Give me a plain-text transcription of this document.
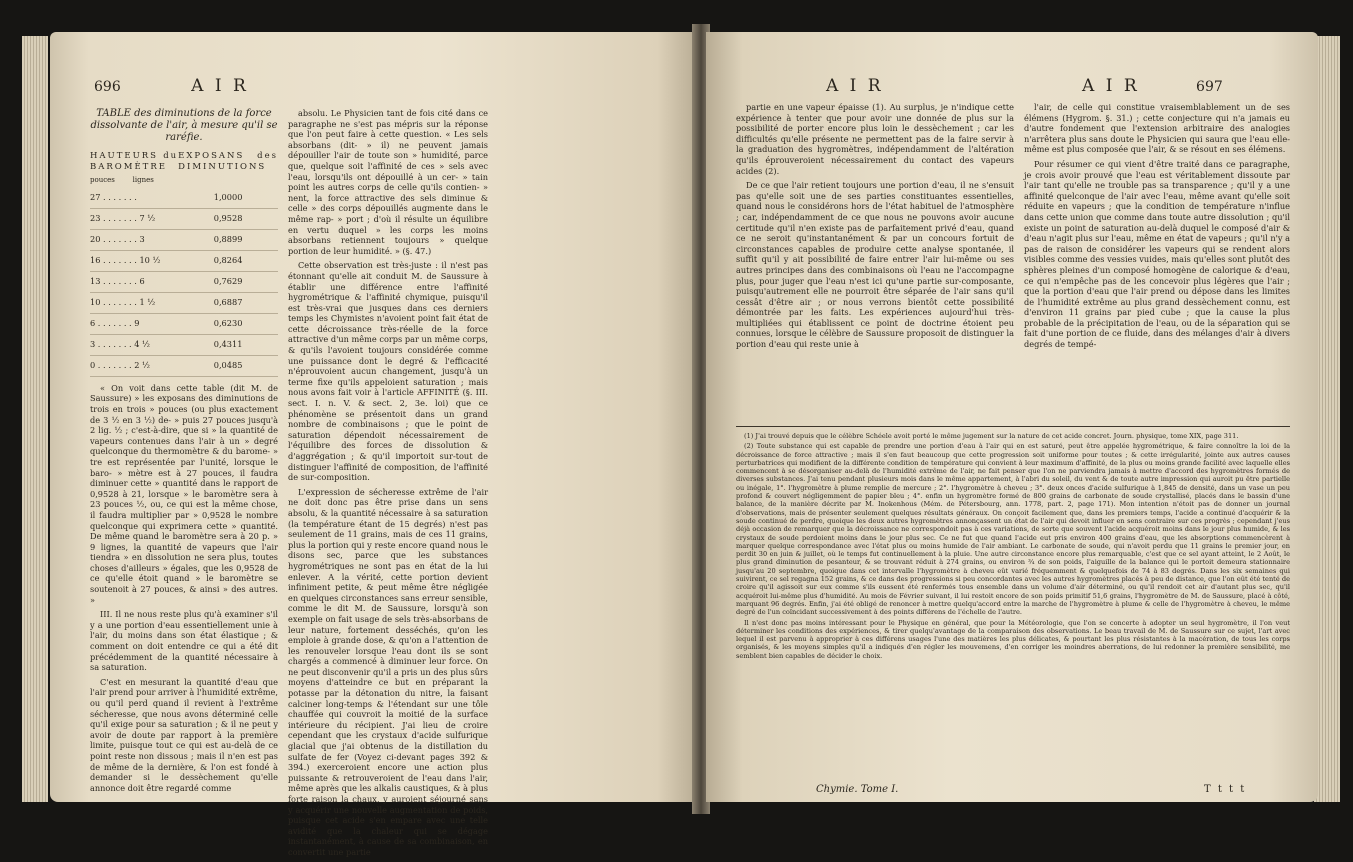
696	A I R
TABLE des diminutions de la force dissolvante de l'air, à mesure qu'il se raréfie.
HAUTEURS du BAROMÈTRE	EXPOSANS des DIMINUTIONS
pouces lignes	
27 . . . . . . .	1,0000
23 . . . . . . . 7 ½	0,9528
20 . . . . . . . 3	0,8899
16 . . . . . . . 10 ½	0,8264
13 . . . . . . . 6	0,7629
10 . . . . . . . 1 ½	0,6887
6 . . . . . . . 9	0,6230
3 . . . . . . . 4 ½	0,4311
0 . . . . . . . 2 ½	0,0485

« On voit dans cette table (dit M. de Saussure) » les exposans des diminutions de trois en trois » pouces (ou plus exactement de 3 ½ en 3 ½) de- » puis 27 pouces jusqu'à 2 lig. ½ ; c'est-à-dire, que si » la quantité de vapeurs contenues dans l'air à un » degré quelconque du thermomètre & du barome- » tre est représentée par l'unité, lorsque le baro- » mètre est à 27 pouces, il faudra diminuer cette » quantité dans le rapport de 0,9528 à 21, lorsque » le baromètre sera à 23 pouces ½, ou, ce qui est la même chose, il faudra multiplier par » 0,9528 le nombre quelconque qui exprimera cette » quantité. De même quand le baromètre sera à 20 p. » 9 lignes, la quantité de vapeurs que l'air tiendra » en dissolution ne sera plus, toutes choses d'ailleurs » égales, que les 0,9528 de ce qu'elle étoit quand » le baromètre se soutenoit à 27 pouces, & ainsi » des autres. »

III. Il ne nous reste plus qu'à examiner s'il y a une portion d'eau essentiellement unie à l'air, du moins dans son état élastique ; & comment on doit entendre ce qui a été dit précédemment de la quantité nécessaire à sa saturation.

C'est en mesurant la quantité d'eau que l'air prend pour arriver à l'humidité extrême, ou qu'il perd quand il revient à l'extrême sécheresse, que nous avons déterminé celle qu'il exige pour sa saturation ; & il ne peut y avoir de doute par rapport à la première limite, puisque tout ce qui est au-delà de ce point reste non dissous ; mais il n'en est pas de même de la dernière, & l'on est fondé à demander si le dessèchement qu'elle annonce doit être regardé comme

absolu. Le Physicien tant de fois cité dans ce paragraphe ne s'est pas mépris sur la réponse que l'on peut faire à cette question. « Les sels absorbans (dit- » il) ne peuvent jamais dépouiller l'air de toute son » humidité, parce que, quelque soit l'affinité de ces » sels avec l'eau, lorsqu'ils ont dépouillé à un cer- » tain point les autres corps de celle qu'ils contien- » nent, la force attractive des sels diminue & celle » des corps dépouillés augmente dans le même rap- » port ; d'où il résulte un équilibre en vertu duquel » les corps les moins absorbans retiennent toujours » quelque portion de leur humidité. » (§. 47.)

Cette observation est très-juste : il n'est pas étonnant qu'elle ait conduit M. de Saussure à établir une différence entre l'affinité hygrométrique & l'affinité chymique, puisqu'il est très-vrai que jusques dans ces derniers temps les Chymistes n'avoient point fait état de cette décroissance très-réelle de la force attractive d'un même corps par un même corps, & qu'ils l'avoient toujours considérée comme une puissance dont le degré & l'efficacité n'éprouvoient aucun changement, jusqu'à un terme fixe qu'ils appeloient saturation ; mais nous avons fait voir à l'article AFFINITÉ (§. III. sect. I. n. V. & sect. 2, 3e. loi) que ce phénomène se présentoit dans un grand nombre de combinaisons ; que le point de saturation dépendoit nécessairement de l'équilibre des forces de dissolution & d'aggrégation ; & qu'il importoit sur-tout de distinguer l'affinité de composition, de l'affinité de sur-composition.

L'expression de sécheresse extrême de l'air ne doit donc pas être prise dans un sens absolu, & la quantité nécessaire à sa saturation (la température étant de 15 degrés) n'est pas seulement de 11 grains, mais de ces 11 grains, plus la portion qui y reste encore quand nous le disons sec, parce que les substances hygrométriques ne sont pas en état de la lui enlever. A la vérité, cette portion devient infiniment petite, & peut même être négligée en quelques circonstances sans erreur sensible, comme le dit M. de Saussure, lorsqu'à son exemple on fait usage de sels très-absorbans de leur nature, fortement desséchés, qu'on les emploie à grande dose, & qu'on a l'attention de les renouveler lorsque l'eau dont ils se sont chargés a commencé à diminuer leur force. On ne peut disconvenir qu'il a pris un des plus sûrs moyens d'atteindre ce but en préparant la potasse par la détonation du nitre, la faisant calciner long-temps & l'étendant sur une tôle chauffée qui couvroit la moitié de la surface intérieure du récipient. J'ai lieu de croire cependant que les crystaux d'acide sulfurique glacial que j'ai obtenus de la distillation du sulfate de fer (Voyez ci-devant pages 392 & 394.) exerceroient encore une action plus puissante & retrouveroient de l'eau dans l'air, même après que les alkalis caustiques, & à plus forte raison la chaux, y auroient séjourné sans y acquérir une nouvelle augmentation de poids, puisque cet acide s'en empare avec une telle avidité que la chaleur qui se dégage instantanément, à cause de sa combinaison, en convertit une partie

A I R	A I R	697

partie en une vapeur épaisse (1). Au surplus, je n'indique cette expérience à tenter que pour avoir une donnée de plus sur la possibilité de porter encore plus loin le dessèchement ; car les difficultés qu'elle présente ne permettent pas de la faire servir à la graduation des hygromètres, indépendamment de l'altération qu'ils éprouveroient nécessairement du contact des vapeurs acides (2).

De ce que l'air retient toujours une portion d'eau, il ne s'ensuit pas qu'elle soit une de ses parties constituantes essentielles, quand nous le considérons hors de l'état habituel de l'atmosphère ; car, indépendamment de ce que nous ne pouvons avoir aucune certitude qu'il n'en existe pas de parfaitement privé d'eau, quand ce ne seroit qu'instantanément & par un concours fortuit de circonstances capables de produire cette analyse spontanée, il suffit qu'il y ait possibilité de faire entrer l'air lui-même ou ses autres principes dans des combinaisons où l'eau ne l'accompagne plus, pour juger que l'eau n'est ici qu'une partie sur-composante, puisqu'autrement elle ne pourroit être séparée de l'air sans qu'il cessât d'être air ; or nous verrons bientôt cette possibilité démontrée par les faits. Les expériences aujourd'hui très-multipliées qui établissent ce point de doctrine étoient peu connues, lorsque le célèbre de Saussure proposoit de distinguer la portion d'eau qui reste unie à

l'air, de celle qui constitue vraisemblablement un de ses élémens (Hygrom. §. 31.) ; cette conjecture qui n'a jamais eu d'autre fondement que l'extension arbitraire des analogies n'arrêtera plus sans doute le Physicien qui saura que l'eau elle-même est plus composée que l'air, & se résout en ses élémens.

Pour résumer ce qui vient d'être traité dans ce paragraphe, je crois avoir prouvé que l'eau est véritablement dissoute par l'air tant qu'elle ne trouble pas sa transparence ; qu'il y a une affinité quelconque de l'air avec l'eau, même avant qu'elle soit réduite en vapeurs ; que la condition de température n'influe dans cette union que comme dans toute autre dissolution ; qu'il existe un point de saturation au-delà duquel le composé d'air & d'eau n'agit plus sur l'eau, même en état de vapeurs ; qu'il n'y a pas de raison de considérer les vapeurs qui se rendent alors visibles comme des vessies vuides, mais qu'elles sont plutôt des sphères pleines d'un composé homogène de calorique & d'eau, ce qui n'empêche pas de les concevoir plus légères que l'air ; que la portion d'eau que l'air prend ou dépose dans les limites de l'humidité extrême au plus grand dessèchement connu, est d'environ 11 grains par pied cube ; que la cause la plus probable de la précipitation de l'eau, ou de la séparation qui se fait d'une portion de ce fluide, dans des mélanges d'air à divers degrés de tempé-

(1) J'ai trouvé depuis que le célèbre Schéele avoit porté le même jugement sur la nature de cet acide concret. Journ. physique, tome XIX, page 311.

(2) Toute substance qui est capable de prendre une portion d'eau à l'air qui en est saturé, peut être appelée hygrométrique, & faire connoître la loi de la décroissance de force attractive ; mais il s'en faut beaucoup que cette progression soit uniforme pour toutes ; & cette irrégularité, jointe aux autres causes perturbatrices qui modifient de la différente condition de température qui convient à leur maximum d'affinité, de la plus ou moins grande facilité avec laquelle elles commencent à se désorganiser au-delà de l'humidité extrême de l'air, ne fait penser que l'on ne parviendra jamais à mettre d'accord des hygromètres formés de diverses substances. J'ai tenu pendant plusieurs mois dans le même appartement, à l'abri du soleil, du vent & de toute autre impression qui auroit pu être partielle ou inégale, 1°. l'hygromètre à plume remplie de mercure ; 2°. l'hygromètre à cheveu ; 3°. deux onces d'acide sulfurique à 1,845 de densité, dans un vase un peu profond & couvert négligemment de papier bleu ; 4°. enfin un hygromètre formé de 800 grains de carbonate de soude crystallisé, placés dans le bassin d'une balance, de la manière décrite par M. Inokenhous (Mém. de Pétersbourg, ann. 1778, part. 2, page 171). Mon intention n'étoit pas de donner un journal d'observations, mais de présenter seulement quelques résultats généraux. On conçoit facilement que, dans les premiers temps, l'acide a continué d'acquérir & la soude continué de perdre, quoique les deux autres hygromètres annonçassent un état de l'air qui devoit influer en sens contraire sur ces progrès ; cependant j'eus déjà occasion de remarquer que la décroissance ne correspondoit pas à ces variations, de sorte que souvent l'acide acquéroit moins dans le jour plus humide, & les crystaux de soude perdoient moins dans le jour plus sec. Ce ne fut que quand l'acide eut pris environ 400 grains d'eau, que les absorptions commencèrent à marquer quelque correspondance avec l'état plus ou moins humide de l'air ambiant. Le carbonate de soude, qui n'avoit perdu que 11 grains le premier jour, en perdit 30 en juin & juillet, où le temps fut continuellement à la pluie. Une autre circonstance encore plus remarquable, c'est que ce sel ayant atteint, le 2 Août, le plus grand diminution de pesanteur, & se trouvant réduit à 274 grains, ou environ ¾ de son poids, l'aiguille de la balance qui le portoit demeura stationnaire jusqu'au 20 septembre, quoique dans cet intervalle l'hygromètre à cheveu eût varié fréquemment & quelquefois de 74 à 83 degrés. Dans les six semaines qui suivirent, ce sel regagna 152 grains, & ce dans des progressions si peu concordantes avec les autres hygromètres placés à peu de distance, que l'on eût été tenté de croire qu'il agissoit sur eux comme s'ils eussent été renfermés tous ensemble dans un volume d'air déterminé, ou qu'il rendoit cet air d'autant plus sec, qu'il acquéroit lui-même plus d'humidité. Au mois de Février suivant, il lui restoit encore de son poids primitif 51,6 grains, l'hygromètre de M. de Saussure, placé à côté, marquant 96 degrés. Enfin, j'ai été obligé de renoncer à mettre quelqu'accord entre la marche de l'hygromètre à plume & celle de l'hygromètre à cheveu, le même degré de l'un coïncidant successivement à des points différens de l'échelle de l'autre.

Il n'est donc pas moins intéressant pour le Physique en général, que pour la Météorologie, que l'on se concerte à adopter un seul hygromètre, il l'on veut déterminer les conditions des expériences, & tirer quelqu'avantage de la comparaison des observations. Le beau travail de M. de Saussure sur ce sujet, l'art avec lequel il est parvenu à approprier à ces différens usages l'une des matières les plus délicates, & pourtant les plus résistantes à la macération, de tous les corps organisés, & les moyens simples qu'il a indiqués d'en régler les mouvemens, d'en corriger les moindres aberrations, de lui redonner la première sensibilité, me semblent bien capables de décider le choix.

Chymie. Tome I.	T t t t
